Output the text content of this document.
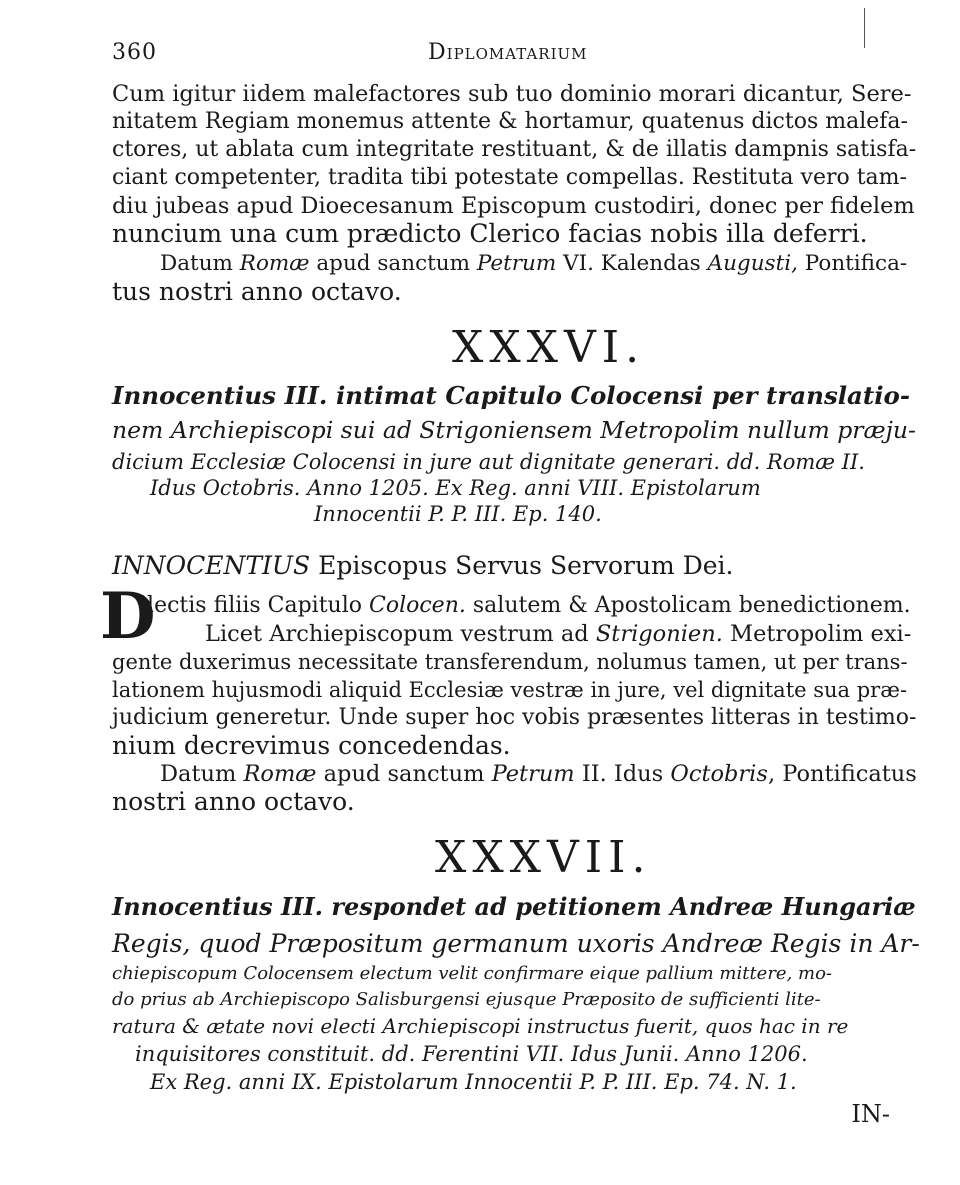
360	Diplomatarium
Cum igitur iidem malefactores sub tuo dominio morari dicantur, Sere-
nitatem Regiam monemus attente & hortamur, quatenus dictos malefa-
ctores, ut ablata cum integritate restituant, & de illatis dampnis satisfa-
ciant competenter, tradita tibi potestate compellas. Restituta vero tam-
diu jubeas apud Dioecesanum Episcopum custodiri, donec per fidelem
nuncium una cum prædicto Clerico facias nobis illa deferri.
Datum Romæ apud sanctum Petrum VI. Kalendas Augusti, Pontifica-
tus nostri anno octavo.
XXXVI.
Innocentius III. intimat Capitulo Colocensi per translatio-
nem Archiepiscopi sui ad Strigoniensem Metropolim nullum præju-
dicium Ecclesiæ Colocensi in jure aut dignitate generari. dd. Romæ II.
Idus Octobris. Anno 1205. Ex Reg. anni VIII. Epistolarum
Innocentii P. P. III. Ep. 140.
INNOCENTIUS Episcopus Servus Servorum Dei.
D
ilectis filiis Capitulo Colocen. salutem & Apostolicam benedictionem.
Licet Archiepiscopum vestrum ad Strigonien. Metropolim exi-
gente duxerimus necessitate transferendum, nolumus tamen, ut per trans-
lationem hujusmodi aliquid Ecclesiæ vestræ in jure, vel dignitate sua præ-
judicium generetur. Unde super hoc vobis præsentes litteras in testimo-
nium decrevimus concedendas.
Datum Romæ apud sanctum Petrum II. Idus Octobris, Pontificatus
nostri anno octavo.
XXXVII.
Innocentius III. respondet ad petitionem Andreæ Hungariæ
Regis, quod Præpositum germanum uxoris Andreæ Regis in Ar-
chiepiscopum Colocensem electum velit confirmare eique pallium mittere, mo-
do prius ab Archiepiscopo Salisburgensi ejusque Præposito de sufficienti lite-
ratura & ætate novi electi Archiepiscopi instructus fuerit, quos hac in re
inquisitores constituit. dd. Ferentini VII. Idus Junii. Anno 1206.
Ex Reg. anni IX. Epistolarum Innocentii P. P. III. Ep. 74. N. 1.
IN-
